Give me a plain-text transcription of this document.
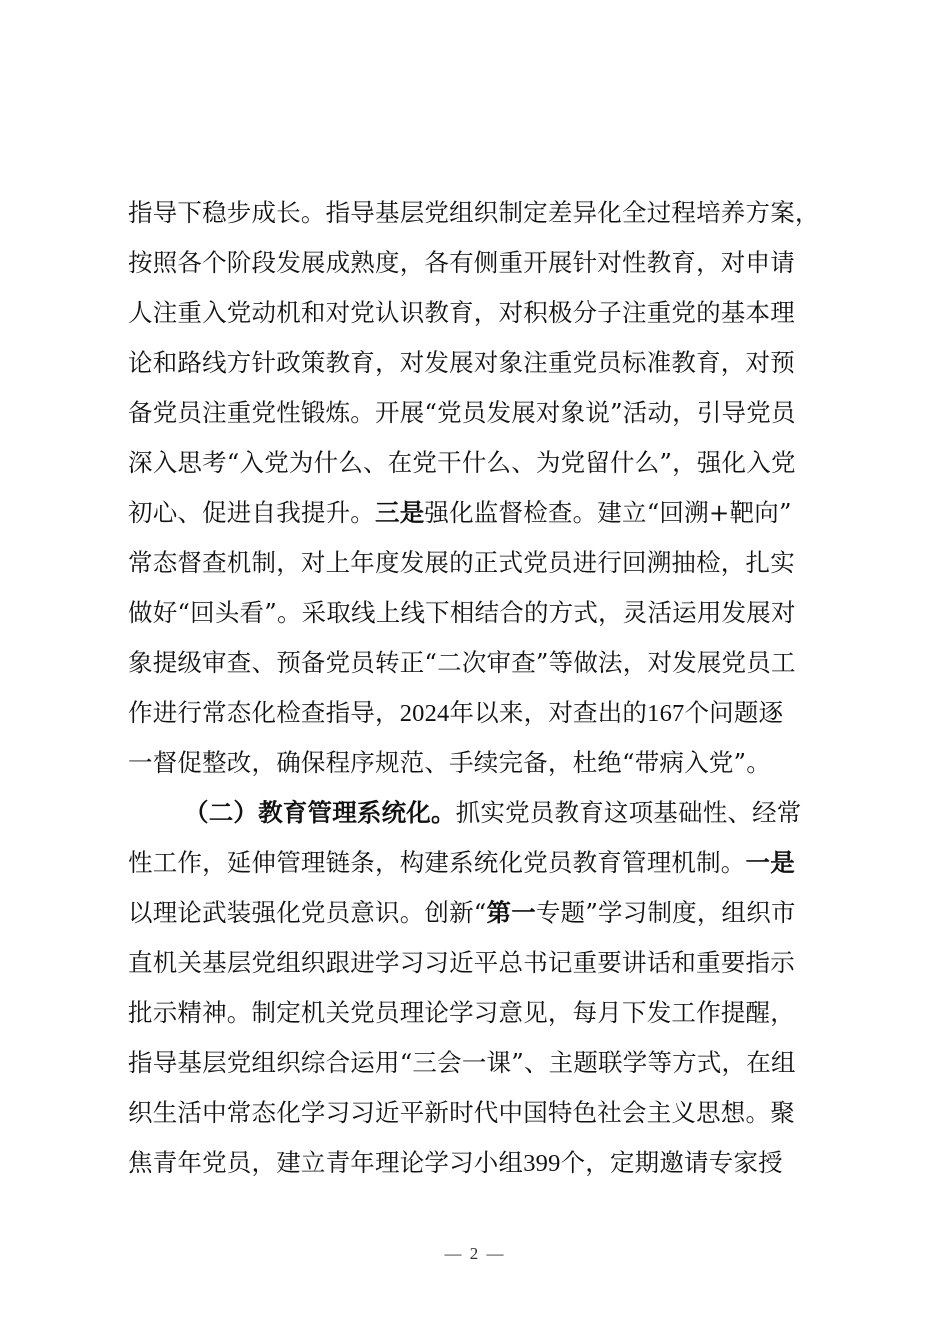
指导下稳步成长。指导基层党组织制定差异化全过程培养方案，
按照各个阶段发展成熟度，各有侧重开展针对性教育，对申请
人注重入党动机和对党认识教育，对积极分子注重党的基本理
论和路线方针政策教育，对发展对象注重党员标准教育，对预
备党员注重党性锻炼。开展“党员发展对象说”活动，引导党员
深入思考“入党为什么、在党干什么、为党留什么”，强化入党
初心、促进自我提升。三是强化监督检查。建立“回溯+靶向”
常态督查机制，对上年度发展的正式党员进行回溯抽检，扎实
做好“回头看”。采取线上线下相结合的方式，灵活运用发展对
象提级审查、预备党员转正“二次审查”等做法，对发展党员工
作进行常态化检查指导，2024年以来，对查出的167个问题逐
一督促整改，确保程序规范、手续完备，杜绝“带病入党”。
（二）教育管理系统化。抓实党员教育这项基础性、经常
性工作，延伸管理链条，构建系统化党员教育管理机制。一是
以理论武装强化党员意识。创新“第一专题”学习制度，组织市
直机关基层党组织跟进学习习近平总书记重要讲话和重要指示
批示精神。制定机关党员理论学习意见，每月下发工作提醒，
指导基层党组织综合运用“三会一课”、主题联学等方式，在组
织生活中常态化学习习近平新时代中国特色社会主义思想。聚
焦青年党员，建立青年理论学习小组399个，定期邀请专家授
— 2 —
